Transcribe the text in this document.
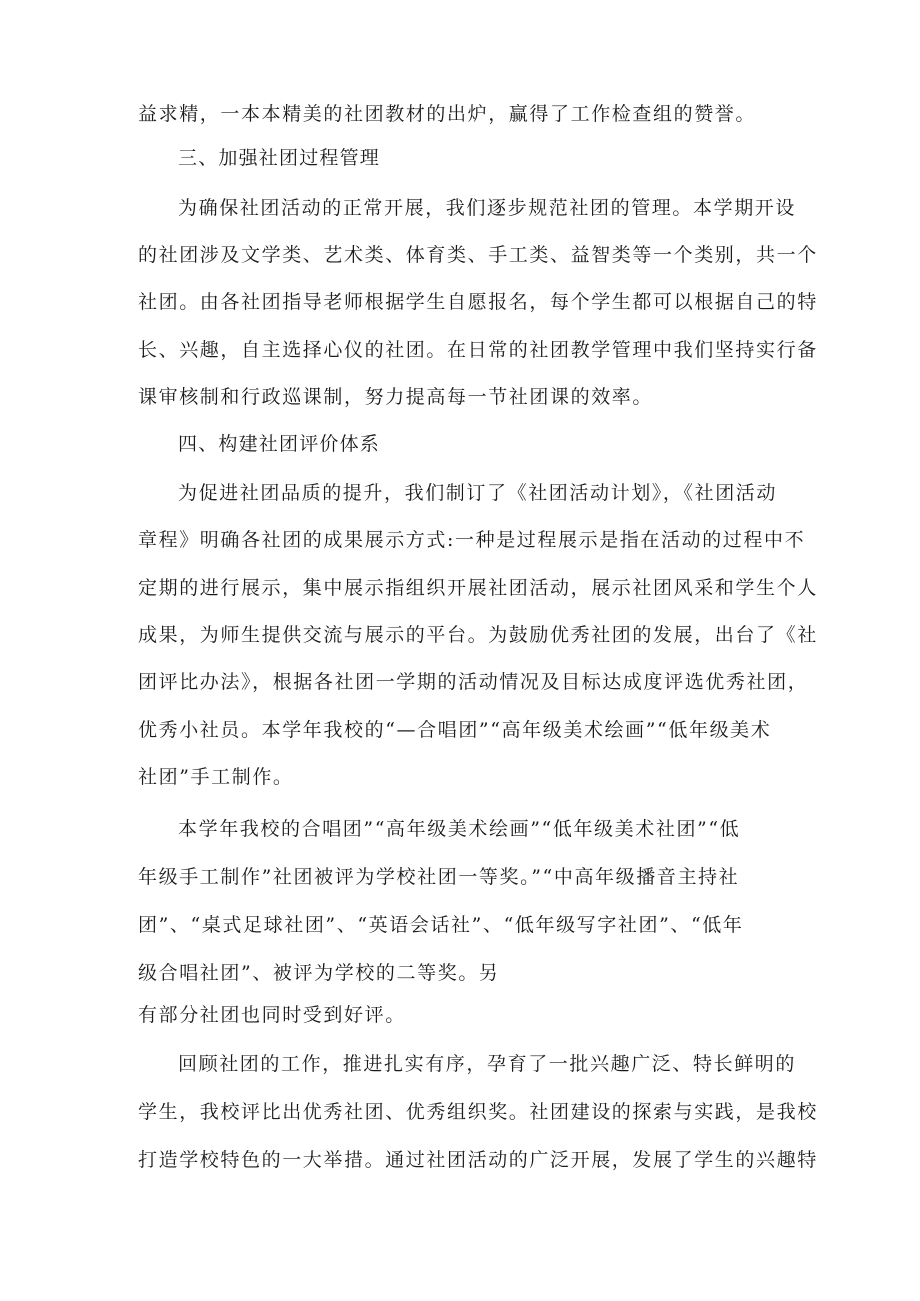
益求精，一本本精美的社团教材的出炉，赢得了工作检查组的赞誉。
三、加强社团过程管理
为确保社团活动的正常开展，我们逐步规范社团的管理。本学期开设
的社团涉及文学类、艺术类、体育类、手工类、益智类等一个类别，共一个
社团。由各社团指导老师根据学生自愿报名，每个学生都可以根据自己的特
长、兴趣，自主选择心仪的社团。在日常的社团教学管理中我们坚持实行备
课审核制和行政巡课制，努力提高每一节社团课的效率。
四、构建社团评价体系
为促进社团品质的提升，我们制订了《社团活动计划》，《社团活动
章程》明确各社团的成果展示方式:一种是过程展示是指在活动的过程中不
定期的进行展示，集中展示指组织开展社团活动，展示社团风采和学生个人
成果，为师生提供交流与展示的平台。为鼓励优秀社团的发展，出台了《社
团评比办法》，根据各社团一学期的活动情况及目标达成度评选优秀社团，
优秀小社员。本学年我校的“—合唱团”“高年级美术绘画”“低年级美术
社团”手工制作。
本学年我校的合唱团”“高年级美术绘画”“低年级美术社团”“低
年级手工制作”社团被评为学校社团一等奖。”“中高年级播音主持社
团”、“桌式足球社团”、“英语会话社”、“低年级写字社团”、“低年
级合唱社团”、被评为学校的二等奖。另
有部分社团也同时受到好评。
回顾社团的工作，推进扎实有序，孕育了一批兴趣广泛、特长鲜明的
学生，我校评比出优秀社团、优秀组织奖。社团建设的探索与实践，是我校
打造学校特色的一大举措。通过社团活动的广泛开展，发展了学生的兴趣特
